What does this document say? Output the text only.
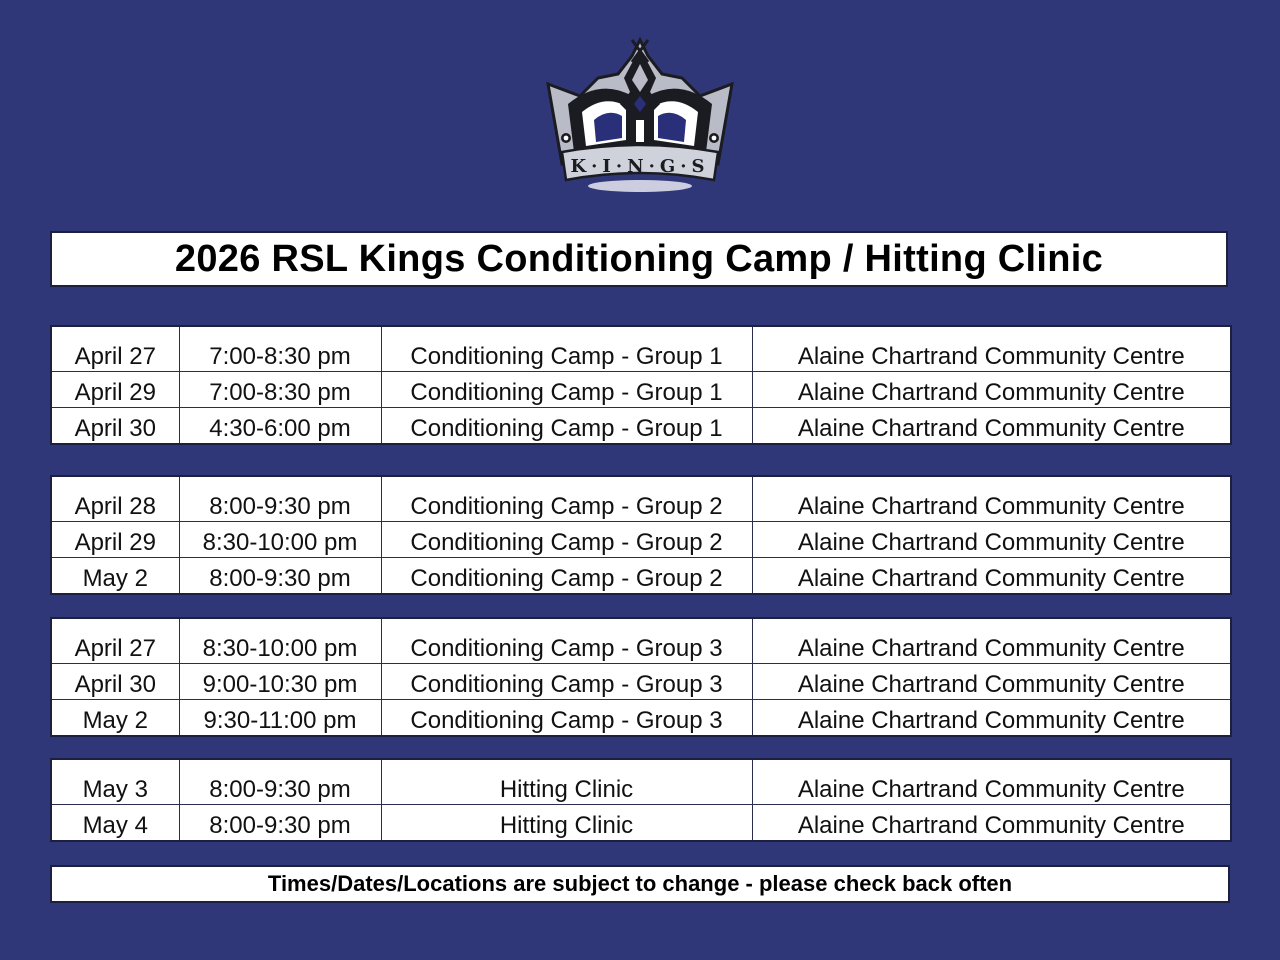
K·I·N·G·S
2026 RSL Kings Conditioning Camp / Hitting Clinic
April 27	7:00-8:30 pm	Conditioning Camp - Group 1	Alaine Chartrand Community Centre
April 29	7:00-8:30 pm	Conditioning Camp - Group 1	Alaine Chartrand Community Centre
April 30	4:30-6:00 pm	Conditioning Camp - Group 1	Alaine Chartrand Community Centre
April 28	8:00-9:30 pm	Conditioning Camp - Group 2	Alaine Chartrand Community Centre
April 29	8:30-10:00 pm	Conditioning Camp - Group 2	Alaine Chartrand Community Centre
May 2	8:00-9:30 pm	Conditioning Camp - Group 2	Alaine Chartrand Community Centre
April 27	8:30-10:00 pm	Conditioning Camp - Group 3	Alaine Chartrand Community Centre
April 30	9:00-10:30 pm	Conditioning Camp - Group 3	Alaine Chartrand Community Centre
May 2	9:30-11:00 pm	Conditioning Camp - Group 3	Alaine Chartrand Community Centre
May 3	8:00-9:30 pm	Hitting Clinic	Alaine Chartrand Community Centre
May 4	8:00-9:30 pm	Hitting Clinic	Alaine Chartrand Community Centre
Times/Dates/Locations are subject to change - please check back often
